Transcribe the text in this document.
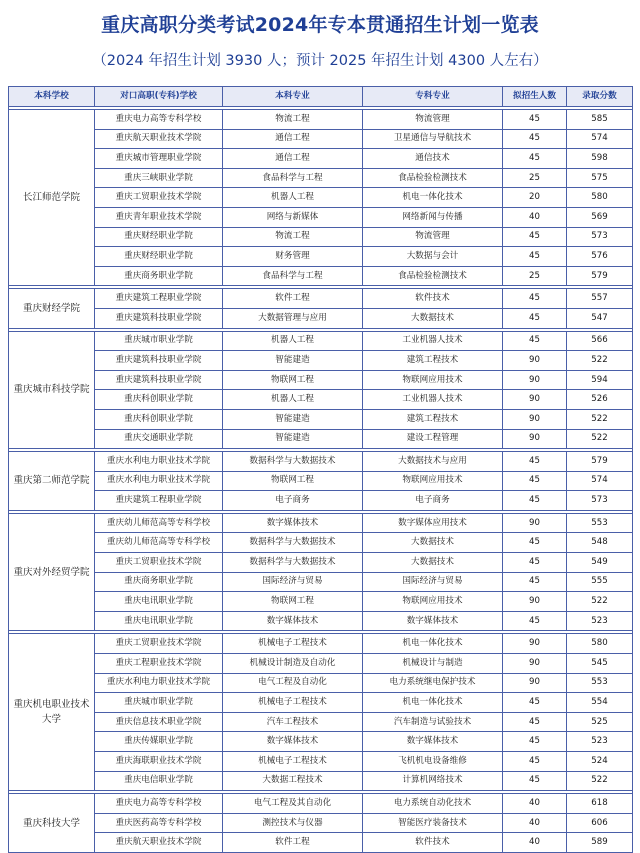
重庆高职分类考试2024年专本贯通招生计划一览表
（2024 年招生计划 3930 人；预计 2025 年招生计划 4300 人左右）
本科学校	对口高职(专科)学校	本科专业	专科专业	拟招生人数	录取分数

长江师范学院	重庆电力高等专科学校	物流工程	物流管理	45	585
	重庆航天职业技术学院	通信工程	卫星通信与导航技术	45	574
	重庆城市管理职业学院	通信工程	通信技术	45	598
	重庆三峡职业学院	食品科学与工程	食品检验检测技术	25	575
	重庆工贸职业技术学院	机器人工程	机电一体化技术	20	580
	重庆青年职业技术学院	网络与新媒体	网络新闻与传播	40	569
	重庆财经职业学院	物流工程	物流管理	45	573
	重庆财经职业学院	财务管理	大数据与会计	45	576
	重庆商务职业学院	食品科学与工程	食品检验检测技术	25	579

重庆财经学院	重庆建筑工程职业学院	软件工程	软件技术	45	557
	重庆建筑科技职业学院	大数据管理与应用	大数据技术	45	547

重庆城市科技学院	重庆城市职业学院	机器人工程	工业机器人技术	45	566
	重庆建筑科技职业学院	智能建造	建筑工程技术	90	522
	重庆建筑科技职业学院	物联网工程	物联网应用技术	90	594
	重庆科创职业学院	机器人工程	工业机器人技术	90	526
	重庆科创职业学院	智能建造	建筑工程技术	90	522
	重庆交通职业学院	智能建造	建设工程管理	90	522

重庆第二师范学院	重庆水利电力职业技术学院	数据科学与大数据技术	大数据技术与应用	45	579
	重庆水利电力职业技术学院	物联网工程	物联网应用技术	45	574
	重庆建筑工程职业学院	电子商务	电子商务	45	573

重庆对外经贸学院	重庆幼儿师范高等专科学校	数字媒体技术	数字媒体应用技术	90	553
	重庆幼儿师范高等专科学校	数据科学与大数据技术	大数据技术	45	548
	重庆工贸职业技术学院	数据科学与大数据技术	大数据技术	45	549
	重庆商务职业学院	国际经济与贸易	国际经济与贸易	45	555
	重庆电讯职业学院	物联网工程	物联网应用技术	90	522
	重庆电讯职业学院	数字媒体技术	数字媒体技术	45	523

重庆机电职业技术大学	重庆工贸职业技术学院	机械电子工程技术	机电一体化技术	90	580
	重庆工程职业技术学院	机械设计制造及自动化	机械设计与制造	90	545
	重庆水利电力职业技术学院	电气工程及自动化	电力系统继电保护技术	90	553
	重庆城市职业学院	机械电子工程技术	机电一体化技术	45	554
	重庆信息技术职业学院	汽车工程技术	汽车制造与试验技术	45	525
	重庆传媒职业学院	数字媒体技术	数字媒体技术	45	523
	重庆海联职业技术学院	机械电子工程技术	飞机机电设备维修	45	524
	重庆电信职业学院	大数据工程技术	计算机网络技术	45	522

重庆科技大学	重庆电力高等专科学校	电气工程及其自动化	电力系统自动化技术	40	618
	重庆医药高等专科学校	测控技术与仪器	智能医疗装备技术	40	606
	重庆航天职业技术学院	软件工程	软件技术	40	589
